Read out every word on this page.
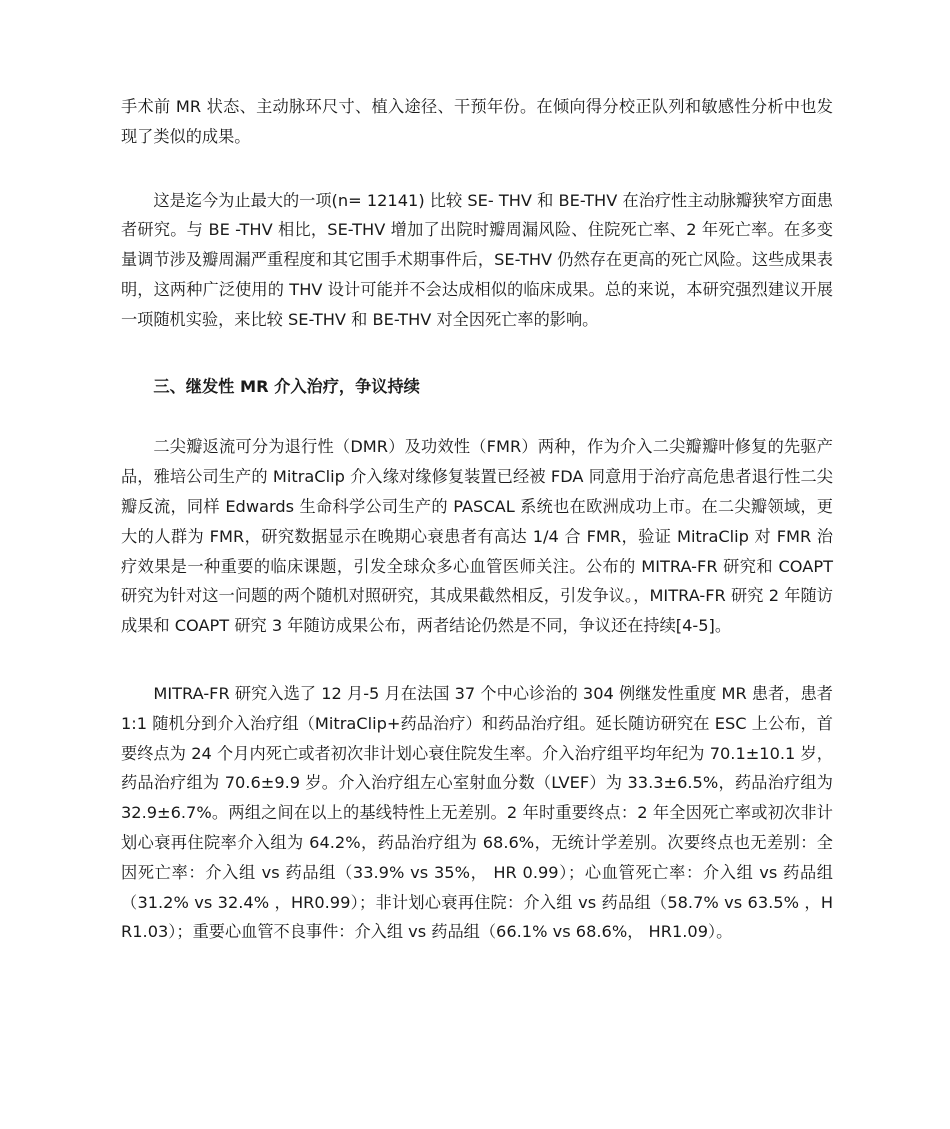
手术前 MR 状态、主动脉环尺寸、植入途径、干预年份。在倾向得分校正队列和敏感性分析中也发现了类似的成果。

这是迄今为止最大的一项(n= 12141) 比较 SE- THV 和 BE-THV 在治疗性主动脉瓣狭窄方面患者研究。与 BE -THV 相比，SE-THV 增加了出院时瓣周漏风险、住院死亡率、2 年死亡率。在多变量调节涉及瓣周漏严重程度和其它围手术期事件后，SE-THV 仍然存在更高的死亡风险。这些成果表明，这两种广泛使用的 THV 设计可能并不会达成相似的临床成果。总的来说，本研究强烈建议开展一项随机实验，来比较 SE-THV 和 BE-THV 对全因死亡率的影响。

三、继发性 MR 介入治疗，争议持续

二尖瓣返流可分为退行性（DMR）及功效性（FMR）两种，作为介入二尖瓣瓣叶修复的先驱产品，雅培公司生产的 MitraClip 介入缘对缘修复装置已经被 FDA 同意用于治疗高危患者退行性二尖瓣反流，同样 Edwards 生命科学公司生产的 PASCAL 系统也在欧洲成功上市。在二尖瓣领域，更大的人群为 FMR，研究数据显示在晚期心衰患者有高达 1/4 合 FMR，验证 MitraClip 对 FMR 治疗效果是一种重要的临床课题，引发全球众多心血管医师关注。公布的 MITRA-FR 研究和 COAPT 研究为针对这一问题的两个随机对照研究，其成果截然相反，引发争议。，MITRA-FR 研究 2 年随访成果和 COAPT 研究 3 年随访成果公布，两者结论仍然是不同，争议还在持续[4-5]。

MITRA-FR 研究入选了 12 月-5 月在法国 37 个中心诊治的 304 例继发性重度 MR 患者，患者 1:1 随机分到介入治疗组（MitraClip+药品治疗）和药品治疗组。延长随访研究在 ESC 上公布，首要终点为 24 个月内死亡或者初次非计划心衰住院发生率。介入治疗组平均年纪为 70.1±10.1 岁，药品治疗组为 70.6±9.9 岁。介入治疗组左心室射血分数（LVEF）为 33.3±6.5%，药品治疗组为 32.9±6.7%。两组之间在以上的基线特性上无差别。2 年时重要终点：2 年全因死亡率或初次非计划心衰再住院率介入组为 64.2%，药品治疗组为 68.6%，无统计学差别。次要终点也无差别：全因死亡率：介入组 vs 药品组（33.9% vs 35%， HR 0.99）；心血管死亡率：介入组 vs 药品组（31.2% vs 32.4% ，HR0.99）；非计划心衰再住院：介入组 vs 药品组（58.7% vs 63.5% ，HR1.03）；重要心血管不良事件：介入组 vs 药品组（66.1% vs 68.6%， HR1.09）。
